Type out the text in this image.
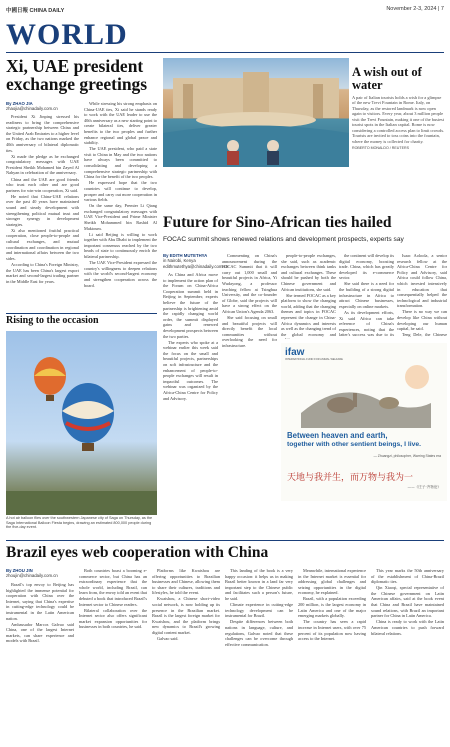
中國日報 CHINA DAILY	November 2-3, 2024 | 7
WORLD
Xi, UAE president exchange greetings
By ZHAO JIA
zhaojia@chinadaily.com.cn

President Xi Jinping stressed his readiness to bring the comprehensive strategic partnership between China and the United Arab Emirates to a higher level on Friday, as the two nations marked the 40th anniversary of bilateral diplomatic ties.

Xi made the pledge as he exchanged congratulatory messages with UAE President Sheikh Mohamed bin Zayed Al Nahyan in celebration of the anniversary.

China and the UAE are good friends who trust each other and are good partners for win-win cooperation, Xi said.

He noted that China-UAE relations over the past 40 years have maintained sound and steady development with strengthening political mutual trust and stronger synergy in development strategies.

Xi also mentioned fruitful practical cooperation, close people-to-people and cultural exchanges, and mutual coordination and coordination in regional and international affairs between the two sides.

According to China's Foreign Ministry, the UAE has been China's largest export market and second-largest trading partner in the Middle East for years.

While stressing his strong emphasis on China-UAE ties, Xi said he stands ready to work with the UAE leader to use the 40th anniversary as a new starting point to create bilateral ties, deliver greater benefits to the two peoples and further enhance regional and global peace and stability.

The UAE president, who paid a state visit to China in May and the two nations have always been committed to consolidating and developing a comprehensive strategic partnership with China for the benefit of the two peoples.

He expressed hope that the two countries will continue to develop, prosper and carry out more cooperation in various fields.

On the same day, Premier Li Qiang exchanged congratulatory messages with UAE Vice-President and Prime Minister Sheikh Mohammed bin Rashid Al Maktoum.

Li said Beijing is willing to work together with Abu Dhabi to implement the important consensus reached by the two heads of state to continuously enrich the bilateral partnership.

The UAE Vice-President expressed the country's willingness to deepen relations with the world's second-largest economy and strengthen cooperation across the board.

A wish out of water
A pair of Italian tourists holds a wish for a glimpse of the new Trevi Fountain in Rome. Italy, on Thursday, as the restored landmark is now open again to visitors. Every year, about 3 million people visit the Trevi Fountain, making it one of the busiest tourist spots in the Italian capital. Rome is now considering a controlled access plan to limit crowds. Tourists are invited to toss coins into the fountain, where the money is collected for charity.
ROBERTO MONALDO / REUTERS
Future for Sino-African ties hailed
FOCAC summit shows renewed relations and development prospects, experts say
By EDITH MUTETHYA
in Nairobi, Kenya
edithmutethya@chinadaily.com.cn

As China and Africa move to implement the action plan of the Forum on China-Africa Cooperation summit held in Beijing in September, experts believe the future of the partnership is brightening amid the rapidly changing world order, the summit displayed gains and renewed development prospects between the two parties.

The experts who spoke at a webinar earlier this week said the focus on the small and beautiful projects, partnerships on soft infrastructure and the enhancement of people-to-people exchanges will result in impactful outcomes. The webinar was organized by the Africa-China Centre for Policy and Advisory.

Commenting on China's announcement during the FOCAC Summit that it will carry out 1,000 small and beautiful projects in Africa, Yi Wudayong, a professor teaching fellow at Tsinghua University, and the co-founder of Globe, said the projects will have a strong effect on the African Union's Agenda 2063.

She said focusing on small and beautiful projects will directly benefit the local communities without overlooking the need for infrastructure.

people-to-people exchanges, she said, such as academic exchanges between think tanks and cultural exchanges. These should be pushed by both the Chinese government and African institutions, she said.

She termed FOCAC as a key platform to show the changing world, adding that the changing themes and topics in FOCAC represent the change in China-Africa dynamics and interests as well as the changing trend of the global economy and

the continent will develop its digital economy, boosting trade. China, which has greatly developed its e-commerce sector.

She said there is a need for the building of a strong digital infrastructure in Africa to attract Chinese businesses, especially on online markets.

As its development efforts, Xi said Africa can take reference of China's experiences, noting that the latter's success was due to its

Isaac Aoloola, a senior research fellow at the Africa-China Centre for Policy and Advisory, said Africa could follow China, which invested intensively in education that consequentially helped the technological and industrial transformation.

There is no way we can develop like China without developing our human capital, he said.

Teng Dele, the Chinese

Rising to the occasion
A hot air balloon flies over the southwestern Japanese city of Saga on Thursday, as the Saga International Balloon Fiesta begins, drawing an estimated 800,000 people during the five-day event.
ifaw
INTERNATIONAL FUND FOR ANIMAL WELFARE
Between heaven and earth,
together with other sentient beings, I live.
— Zhuangzi, philosopher, Warring States era
天地与我并生，而万物与我为一
——《庄子·齐物论》
Brazil eyes web cooperation with China
By ZHOU JIN
zhoujin@chinadaily.com.cn

Brazil's top envoy to Beijing has highlighted the immense potential for cooperation with China over the Internet, saying that China's expertise in cutting-edge technology could be instrumental in the Latin American nation.

Ambassador Marcos Galvao said China, one of the largest Internet markets, can share experience and models with Brazil.

Both countries boast a booming e-commerce sector, but China has an extraordinary experience that the whole world, including Brazil, can learn from, the envoy told an event that debuted a book that introduced Brazil's Internet sector to Chinese readers.

Bilateral collaboration over the Internet sector also offers significant market expansion opportunities for businesses in both countries, he said.

Platforms like Kwaishou are offering opportunities to Brazilian businesses and Chinese, allowing them to share their cultures, traditions and lifestyles, he told the event.

Kwaishou, a Chinese short-video social network, is now holding up its presence in the Brazilian market. Brazil is the largest foreign market for Kwaishou, and the platform brings new dynamics to Brazil's growing digital content market.

Galvao said.

This landing of the book is a very happy occasion: it helps us in making Brazil better known in a land far very important step to the Chinese public and facilitates such a person's future, he said.

Climate experience in cutting-edge technology development can be instrumental for Brazil.

Despite differences between both nations in language, culture, and regulations, Galvao noted that these challenges can be overcome through effective communication.

Meanwhile, international experience in the Internet market is essential for addressing global challenges and seizing opportunities in the digital economy, he explained.

Brazil, with a population exceeding 200 million, is the largest economy in Latin America and one of the major emerging markets globally.

The country has seen a rapid increase in Internet users, with over 75 percent of its population now having access to the Internet.

This year marks the 50th anniversary of the establishment of China-Brazil diplomatic ties.

Qin Xiaoqi, special representative of the Chinese government on Latin American affairs, said at the book event that China and Brazil have maintained sound relations, with Brazil an important partner for China in Latin America.

China is ready to work with the Latin American countries to push forward bilateral relations.
